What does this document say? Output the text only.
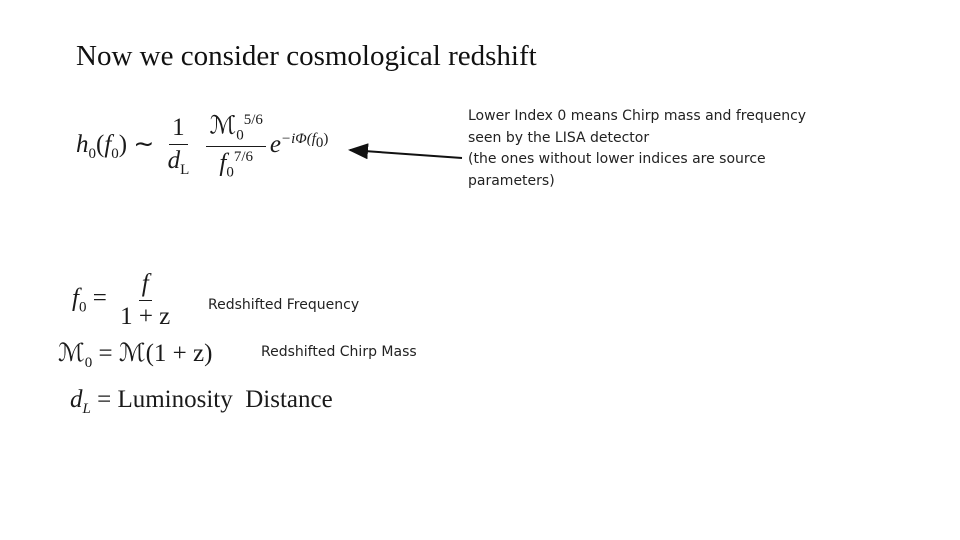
Now we consider cosmological redshift
Lower Index 0 means Chirp mass and frequency
seen by the LISA detector
(the ones without lower indices are source
parameters)
$h_0(f_0)$ ∼ $\frac{1}{d_L}$
$\frac{ℳ_0^{5/6}}{f_0^{7/6}} e^{-i\Phi(f_0)}$
$f_0 = \frac{f}{1 + z}$ Redshifted Frequency
ℳ$_0$ = ℳ(1 + z)	Redshifted Chirp Mass
$d_L$ = Luminosity  Distance
